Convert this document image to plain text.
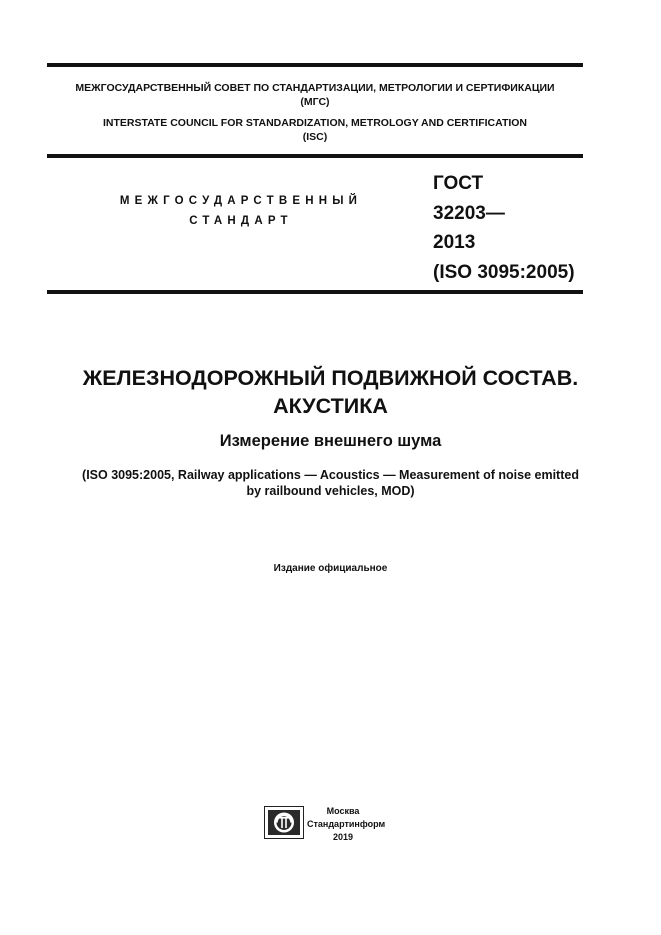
МЕЖГОСУДАРСТВЕННЫЙ СОВЕТ ПО СТАНДАРТИЗАЦИИ, МЕТРОЛОГИИ И СЕРТИФИКАЦИИ
(МГС)
INTERSTATE COUNCIL FOR STANDARDIZATION, METROLOGY AND CERTIFICATION
(ISC)
МЕЖГОСУДАРСТВЕННЫЙ
СТАНДАРТ
ГОСТ
32203—
2013
(ISO 3095:2005)
ЖЕЛЕЗНОДОРОЖНЫЙ ПОДВИЖНОЙ СОСТАВ.
АКУСТИКА
Измерение внешнего шума
(ISO 3095:2005, Railway applications — Acoustics — Measurement of noise emitted
by railbound vehicles, MOD)
Издание официальное
Москва
Стандартинформ
2019
